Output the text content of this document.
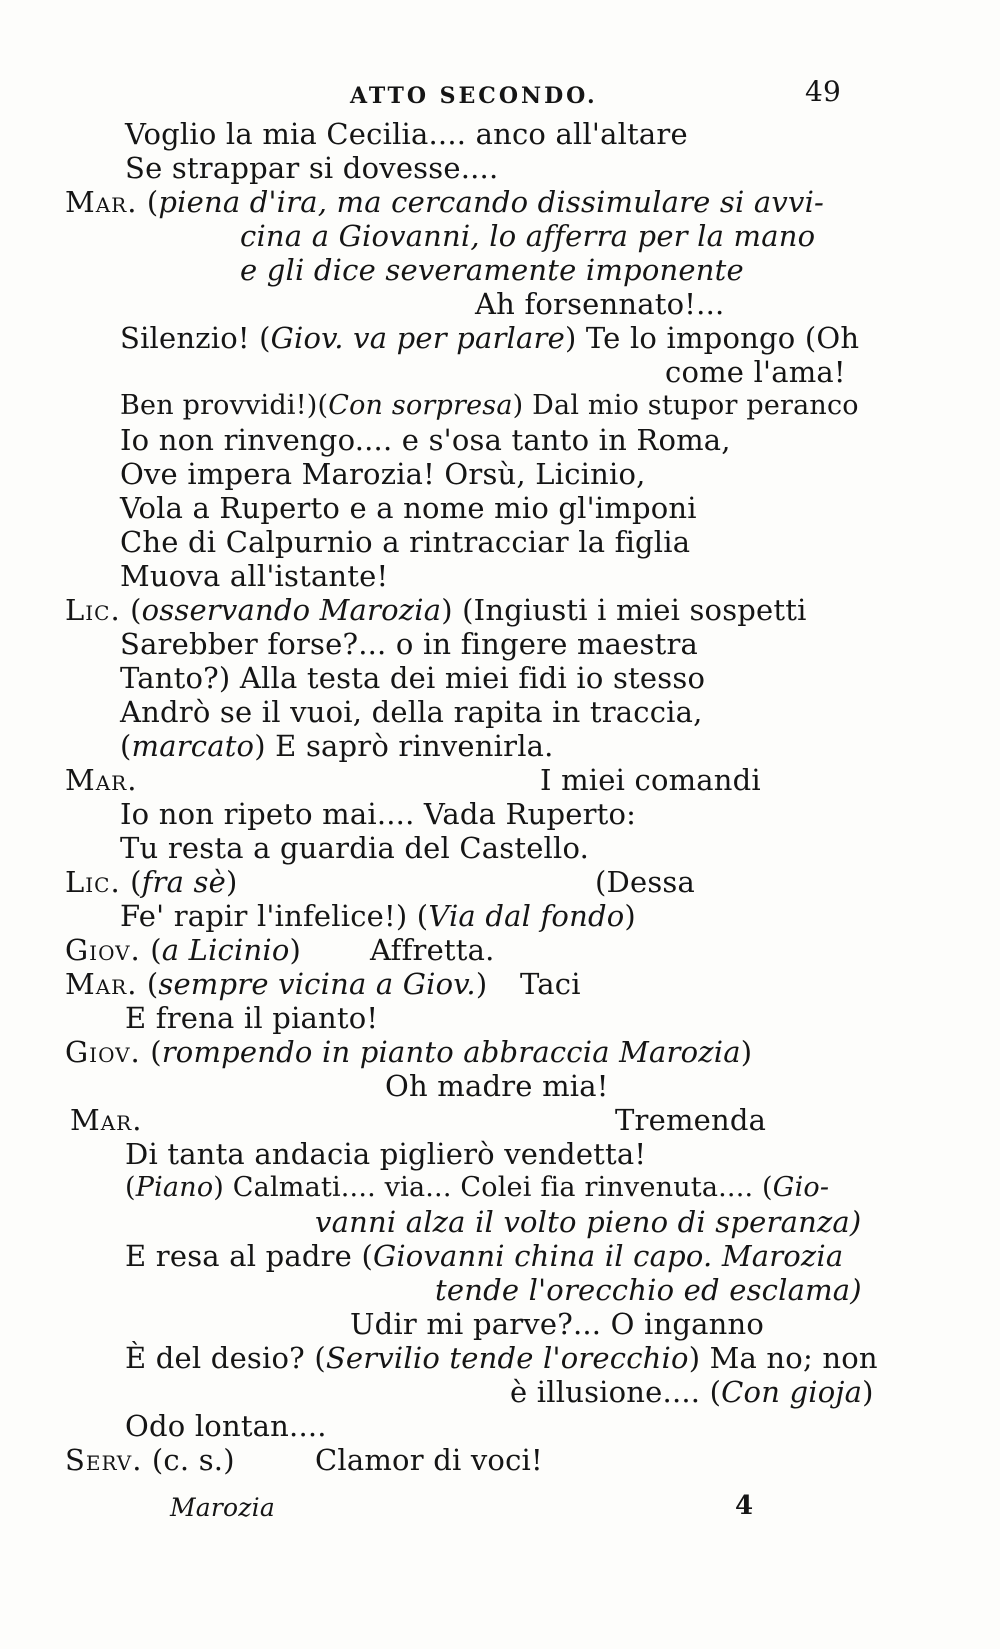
ATTO SECONDO.	49
Voglio la mia Cecilia.... anco all'altare
Se strappar si dovesse....
Mar. (piena d'ira, ma cercando dissimulare si avvi-
cina a Giovanni, lo afferra per la mano
e gli dice severamente imponente
Ah forsennato!...
Silenzio! (Giov. va per parlare) Te lo impongo (Oh
come l'ama!
Ben provvidi!)(Con sorpresa) Dal mio stupor peranco
Io non rinvengo.... e s'osa tanto in Roma,
Ove impera Marozia! Orsù, Licinio,
Vola a Ruperto e a nome mio gl'imponi
Che di Calpurnio a rintracciar la figlia
Muova all'istante!
Lic. (osservando Marozia) (Ingiusti i miei sospetti
Sarebber forse?... o in fingere maestra
Tanto?) Alla testa dei miei fidi io stesso
Andrò se il vuoi, della rapita in traccia,
(marcato) E saprò rinvenirla.
Mar.	I miei comandi
Io non ripeto mai.... Vada Ruperto:
Tu resta a guardia del Castello.
Lic. (fra sè)	(Dessa
Fe' rapir l'infelice!) (Via dal fondo)
Giov. (a Licinio) Affretta.
Mar. (sempre vicina a Giov.) Taci
E frena il pianto!
Giov. (rompendo in pianto abbraccia Marozia)
Oh madre mia!
Mar.	Tremenda
Di tanta andacia piglierò vendetta!
(Piano) Calmati.... via... Colei fia rinvenuta.... (Gio-
vanni alza il volto pieno di speranza)
E resa al padre (Giovanni china il capo. Marozia
tende l'orecchio ed esclama)
Udir mi parve?... O inganno
È del desio? (Servilio tende l'orecchio) Ma no; non
è illusione.... (Con gioja)
Odo lontan....
Serv. (c. s.)	Clamor di voci!
Marozia	4
